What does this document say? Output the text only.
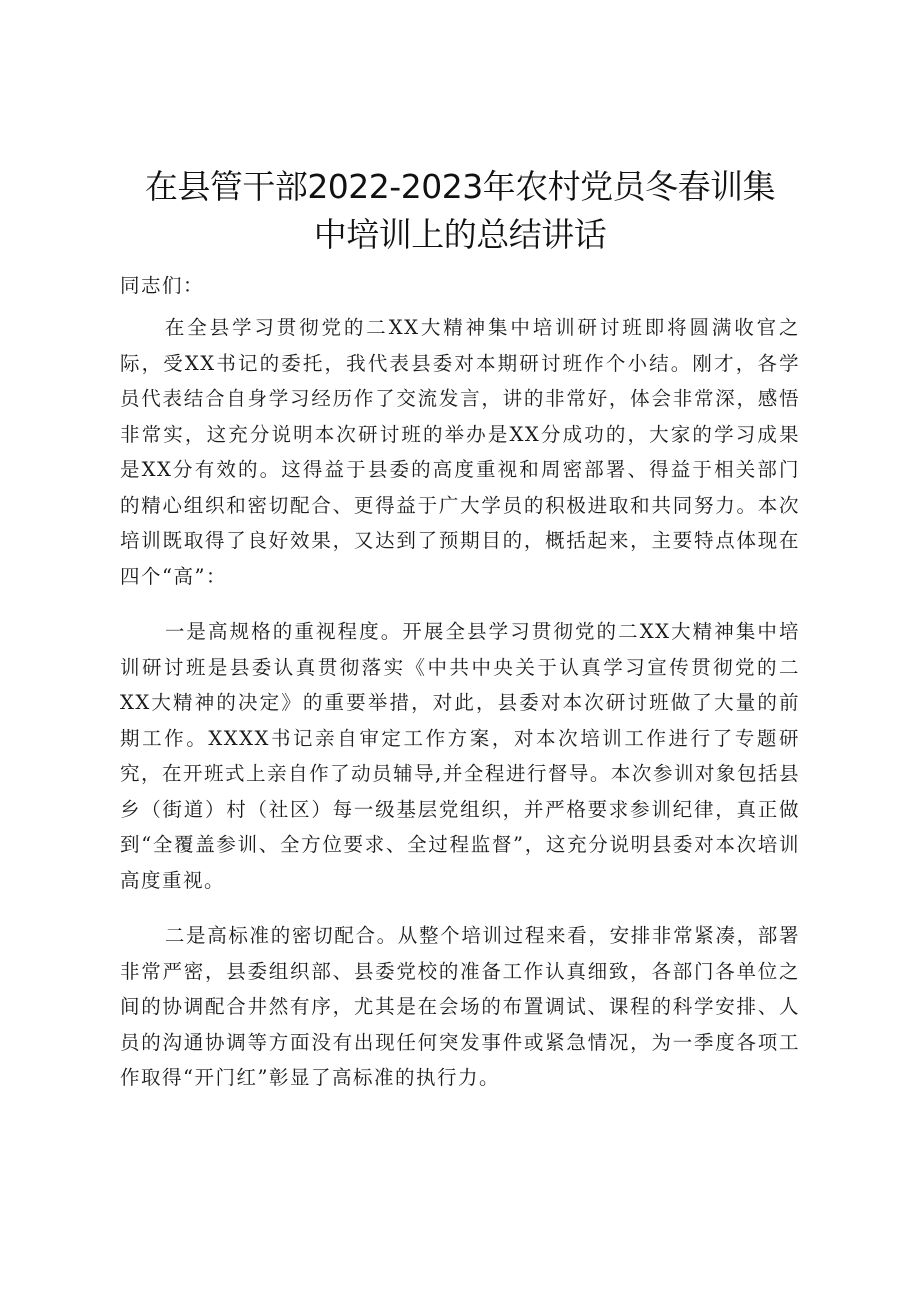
在县管干部2022-2023年农村党员冬春训集
中培训上的总结讲话
同志们：

在全县学习贯彻党的二XX大精神集中培训研讨班即将圆满收官之际，受XX书记的委托，我代表县委对本期研讨班作个小结。刚才，各学员代表结合自身学习经历作了交流发言，讲的非常好，体会非常深，感悟非常实，这充分说明本次研讨班的举办是XX分成功的，大家的学习成果是XX分有效的。这得益于县委的高度重视和周密部署、得益于相关部门的精心组织和密切配合、更得益于广大学员的积极进取和共同努力。本次培训既取得了良好效果，又达到了预期目的，概括起来，主要特点体现在四个“高”：

一是高规格的重视程度。开展全县学习贯彻党的二XX大精神集中培训研讨班是县委认真贯彻落实《中共中央关于认真学习宣传贯彻党的二XX大精神的决定》的重要举措，对此，县委对本次研讨班做了大量的前期工作。XXXX书记亲自审定工作方案，对本次培训工作进行了专题研究，在开班式上亲自作了动员辅导,并全程进行督导。本次参训对象包括县乡（街道）村（社区）每一级基层党组织，并严格要求参训纪律，真正做到“全覆盖参训、全方位要求、全过程监督”，这充分说明县委对本次培训高度重视。

二是高标准的密切配合。从整个培训过程来看，安排非常紧凑，部署非常严密，县委组织部、县委党校的准备工作认真细致，各部门各单位之间的协调配合井然有序，尤其是在会场的布置调试、课程的科学安排、人员的沟通协调等方面没有出现任何突发事件或紧急情况，为一季度各项工作取得“开门红”彰显了高标准的执行力。
